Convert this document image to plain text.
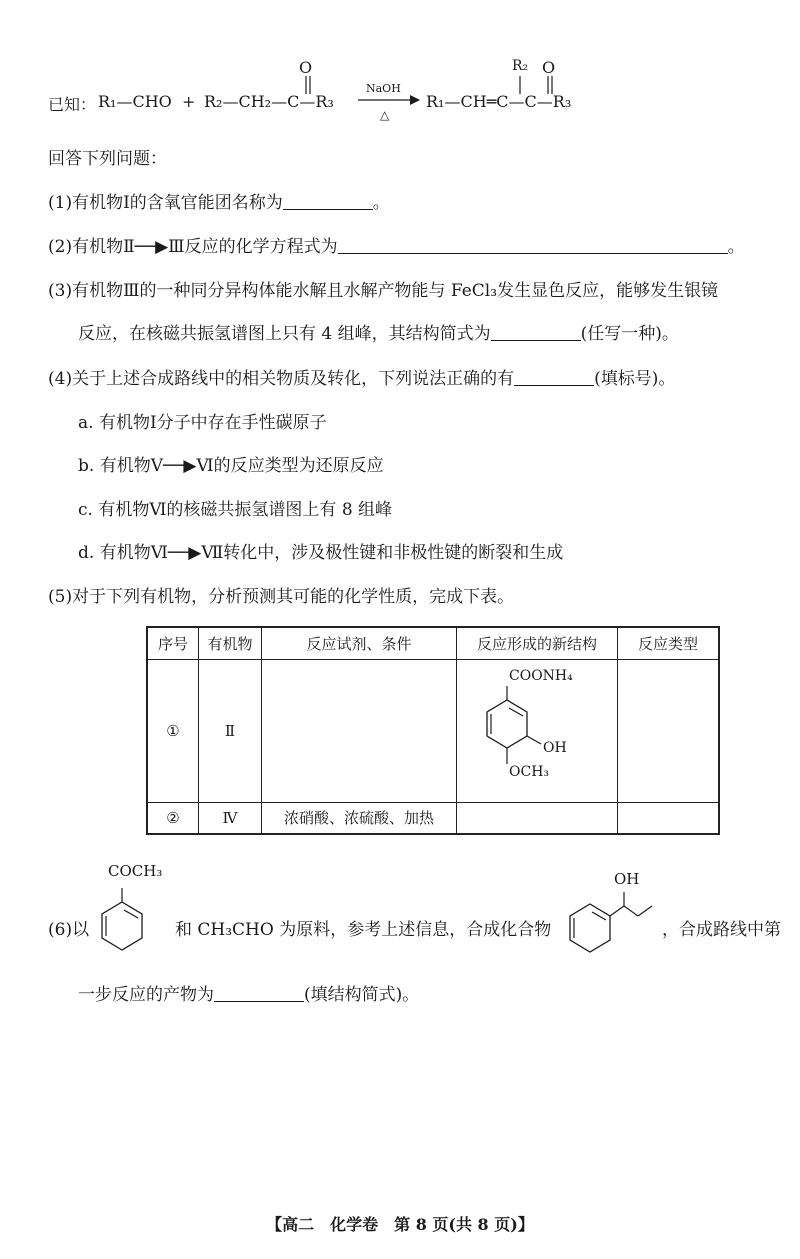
已知： R₁—CHO + R₂—CH₂—C—R₃
O
NaOH
△
R₁—CH═C—C—R₃
R₂ O
回答下列问题：
(1)有机物Ⅰ的含氧官能团名称为	。
(2)有机物Ⅱ──▶Ⅲ反应的化学方程式为	。
(3)有机物Ⅲ的一种同分异构体能水解且水解产物能与 FeCl₃发生显色反应，能够发生银镜
反应，在核磁共振氢谱图上只有 4 组峰，其结构简式为	(任写一种)。
(4)关于上述合成路线中的相关物质及转化，下列说法正确的有	(填标号)。
a. 有机物Ⅰ分子中存在手性碳原子
b. 有机物Ⅴ──▶Ⅵ的反应类型为还原反应
c. 有机物Ⅵ的核磁共振氢谱图上有 8 组峰
d. 有机物Ⅵ──▶Ⅶ转化中，涉及极性键和非极性键的断裂和生成
(5)对于下列有机物，分析预测其可能的化学性质，完成下表。
序号	有机物	反应试剂、条件	反应形成的新结构	反应类型
①	Ⅱ		COONH₄
OH
OCH₃	

②	Ⅳ	浓硝酸、浓硫酸、加热		
(6)以
COCH₃
和 CH₃CHO 为原料，参考上述信息，合成化合物
OH
，合成路线中第
一步反应的产物为	(填结构简式)。
【高二　化学卷　第 8 页(共 8 页)】
